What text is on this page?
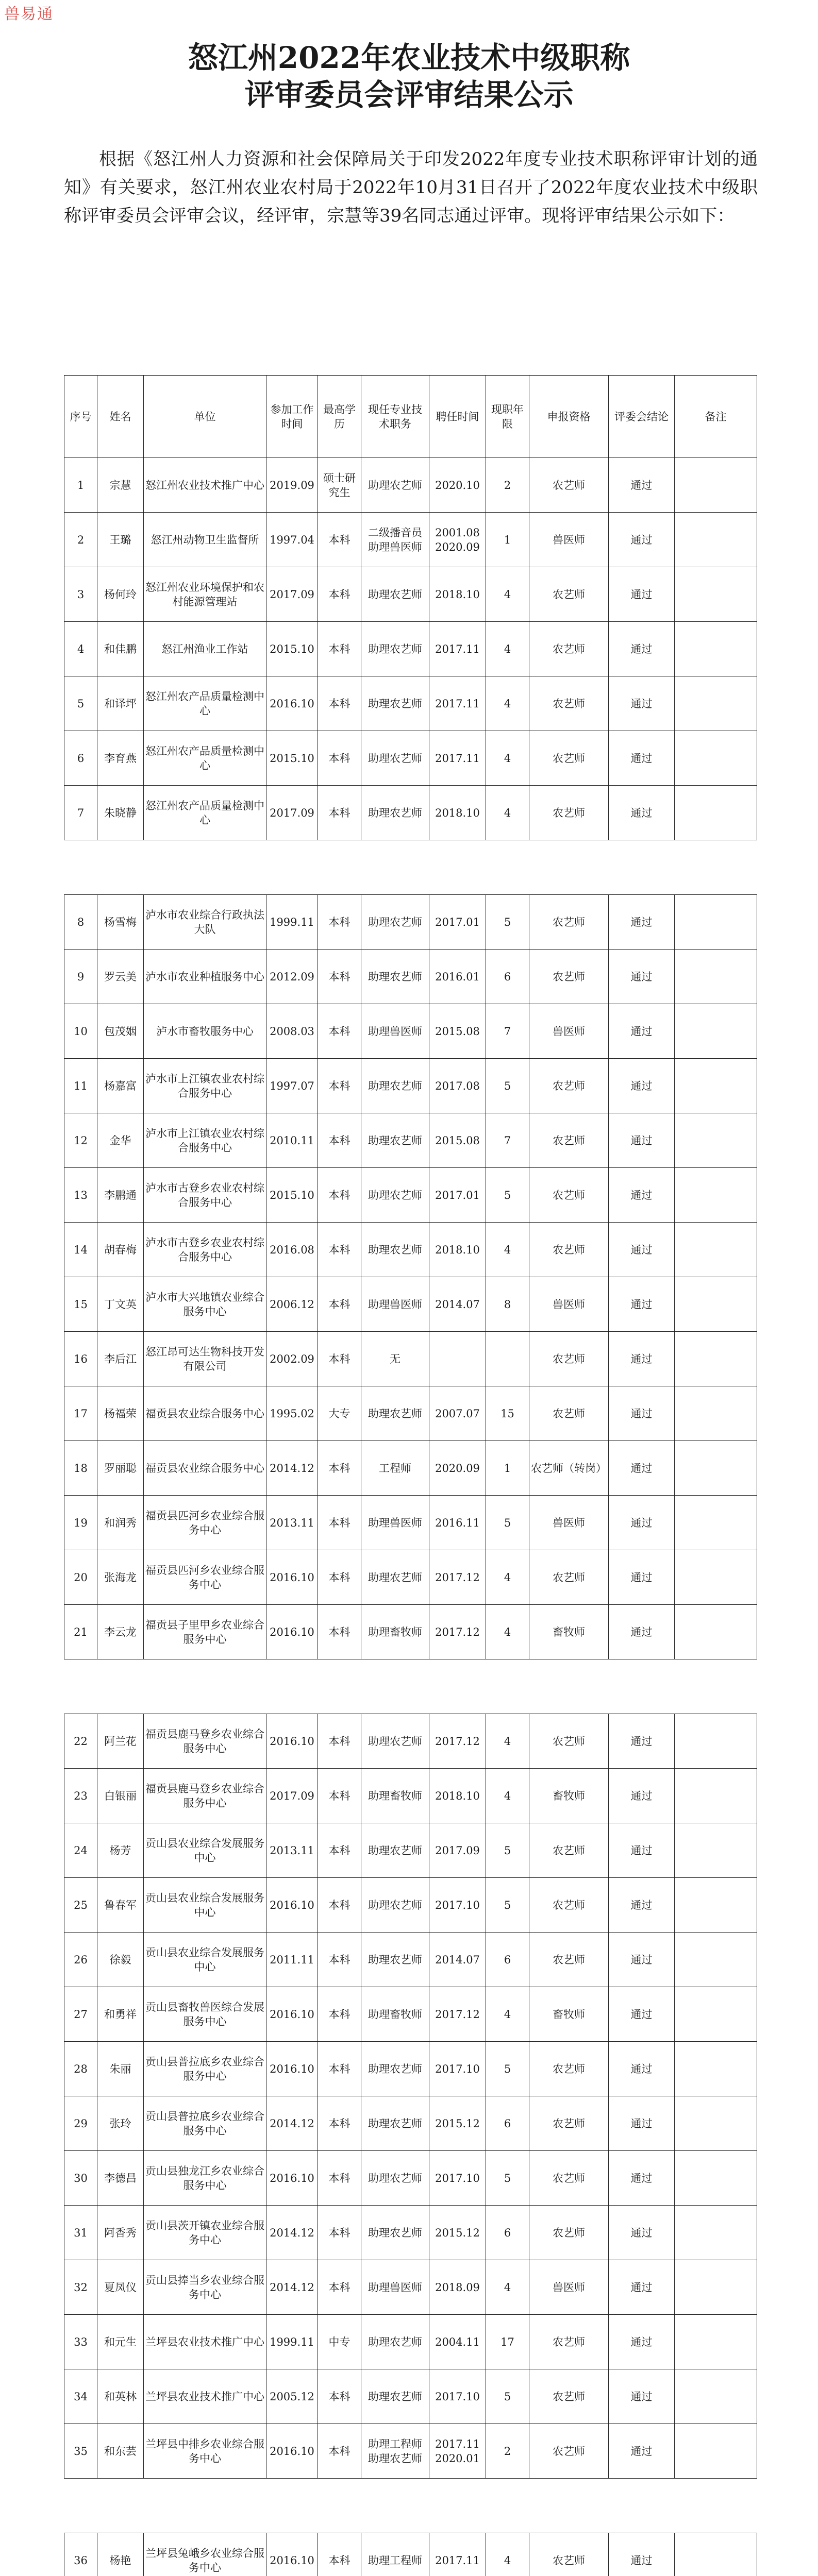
兽易通
怒江州2022年农业技术中级职称
评审委员会评审结果公示
根据《怒江州人力资源和社会保障局关于印发2022年度专业技术职称评审计划的通知》有关要求，怒江州农业农村局于2022年10月31日召开了2022年度农业技术中级职称评审委员会评审会议，经评审，宗慧等39名同志通过评审。现将评审结果公示如下：
序号	姓名	单位	参加工作时间	最高学历	现任专业技术职务	聘任时间	现职年限	申报资格	评委会结论	备注
1	宗慧	怒江州农业技术推广中心	2019.09	硕士研究生	助理农艺师	2020.10	2	农艺师	通过	
2	王璐	怒江州动物卫生监督所	1997.04	本科	二级播音员 助理兽医师	2001.08 2020.09	1	兽医师	通过	
3	杨何玲	怒江州农业环境保护和农村能源管理站	2017.09	本科	助理农艺师	2018.10	4	农艺师	通过	
4	和佳鹏	怒江州渔业工作站	2015.10	本科	助理农艺师	2017.11	4	农艺师	通过	
5	和译坪	怒江州农产品质量检测中心	2016.10	本科	助理农艺师	2017.11	4	农艺师	通过	
6	李育燕	怒江州农产品质量检测中心	2015.10	本科	助理农艺师	2017.11	4	农艺师	通过	
7	朱晓静	怒江州农产品质量检测中心	2017.09	本科	助理农艺师	2018.10	4	农艺师	通过	

8	杨雪梅	泸水市农业综合行政执法大队	1999.11	本科	助理农艺师	2017.01	5	农艺师	通过	
9	罗云美	泸水市农业种植服务中心	2012.09	本科	助理农艺师	2016.01	6	农艺师	通过	
10	包茂姻	泸水市畜牧服务中心	2008.03	本科	助理兽医师	2015.08	7	兽医师	通过	
11	杨嘉富	泸水市上江镇农业农村综合服务中心	1997.07	本科	助理农艺师	2017.08	5	农艺师	通过	
12	金华	泸水市上江镇农业农村综合服务中心	2010.11	本科	助理农艺师	2015.08	7	农艺师	通过	
13	李鹏通	泸水市古登乡农业农村综合服务中心	2015.10	本科	助理农艺师	2017.01	5	农艺师	通过	
14	胡春梅	泸水市古登乡农业农村综合服务中心	2016.08	本科	助理农艺师	2018.10	4	农艺师	通过	
15	丁文英	泸水市大兴地镇农业综合服务中心	2006.12	本科	助理兽医师	2014.07	8	兽医师	通过	
16	李后江	怒江昂可达生物科技开发有限公司	2002.09	本科	无			农艺师	通过	
17	杨福荣	福贡县农业综合服务中心	1995.02	大专	助理农艺师	2007.07	15	农艺师	通过	
18	罗丽聪	福贡县农业综合服务中心	2014.12	本科	工程师	2020.09	1	农艺师（转岗）	通过	
19	和润秀	福贡县匹河乡农业综合服务中心	2013.11	本科	助理兽医师	2016.11	5	兽医师	通过	
20	张海龙	福贡县匹河乡农业综合服务中心	2016.10	本科	助理农艺师	2017.12	4	农艺师	通过	
21	李云龙	福贡县子里甲乡农业综合服务中心	2016.10	本科	助理畜牧师	2017.12	4	畜牧师	通过	

22	阿兰花	福贡县鹿马登乡农业综合服务中心	2016.10	本科	助理农艺师	2017.12	4	农艺师	通过	
23	白银丽	福贡县鹿马登乡农业综合服务中心	2017.09	本科	助理畜牧师	2018.10	4	畜牧师	通过	
24	杨芳	贡山县农业综合发展服务中心	2013.11	本科	助理农艺师	2017.09	5	农艺师	通过	
25	鲁春军	贡山县农业综合发展服务中心	2016.10	本科	助理农艺师	2017.10	5	农艺师	通过	
26	徐毅	贡山县农业综合发展服务中心	2011.11	本科	助理农艺师	2014.07	6	农艺师	通过	
27	和勇祥	贡山县畜牧兽医综合发展服务中心	2016.10	本科	助理畜牧师	2017.12	4	畜牧师	通过	
28	朱丽	贡山县普拉底乡农业综合服务中心	2016.10	本科	助理农艺师	2017.10	5	农艺师	通过	
29	张玲	贡山县普拉底乡农业综合服务中心	2014.12	本科	助理农艺师	2015.12	6	农艺师	通过	
30	李德昌	贡山县独龙江乡农业综合服务中心	2016.10	本科	助理农艺师	2017.10	5	农艺师	通过	
31	阿香秀	贡山县茨开镇农业综合服务中心	2014.12	本科	助理农艺师	2015.12	6	农艺师	通过	
32	夏凤仪	贡山县捧当乡农业综合服务中心	2014.12	本科	助理兽医师	2018.09	4	兽医师	通过	
33	和元生	兰坪县农业技术推广中心	1999.11	中专	助理农艺师	2004.11	17	农艺师	通过	
34	和英林	兰坪县农业技术推广中心	2005.12	本科	助理农艺师	2017.10	5	农艺师	通过	
35	和东芸	兰坪县中排乡农业综合服务中心	2016.10	本科	助理工程师 助理农艺师	2017.11 2020.01	2	农艺师	通过	

36	杨艳	兰坪县兔峨乡农业综合服务中心	2016.10	本科	助理工程师	2017.11	4	农艺师	通过	
